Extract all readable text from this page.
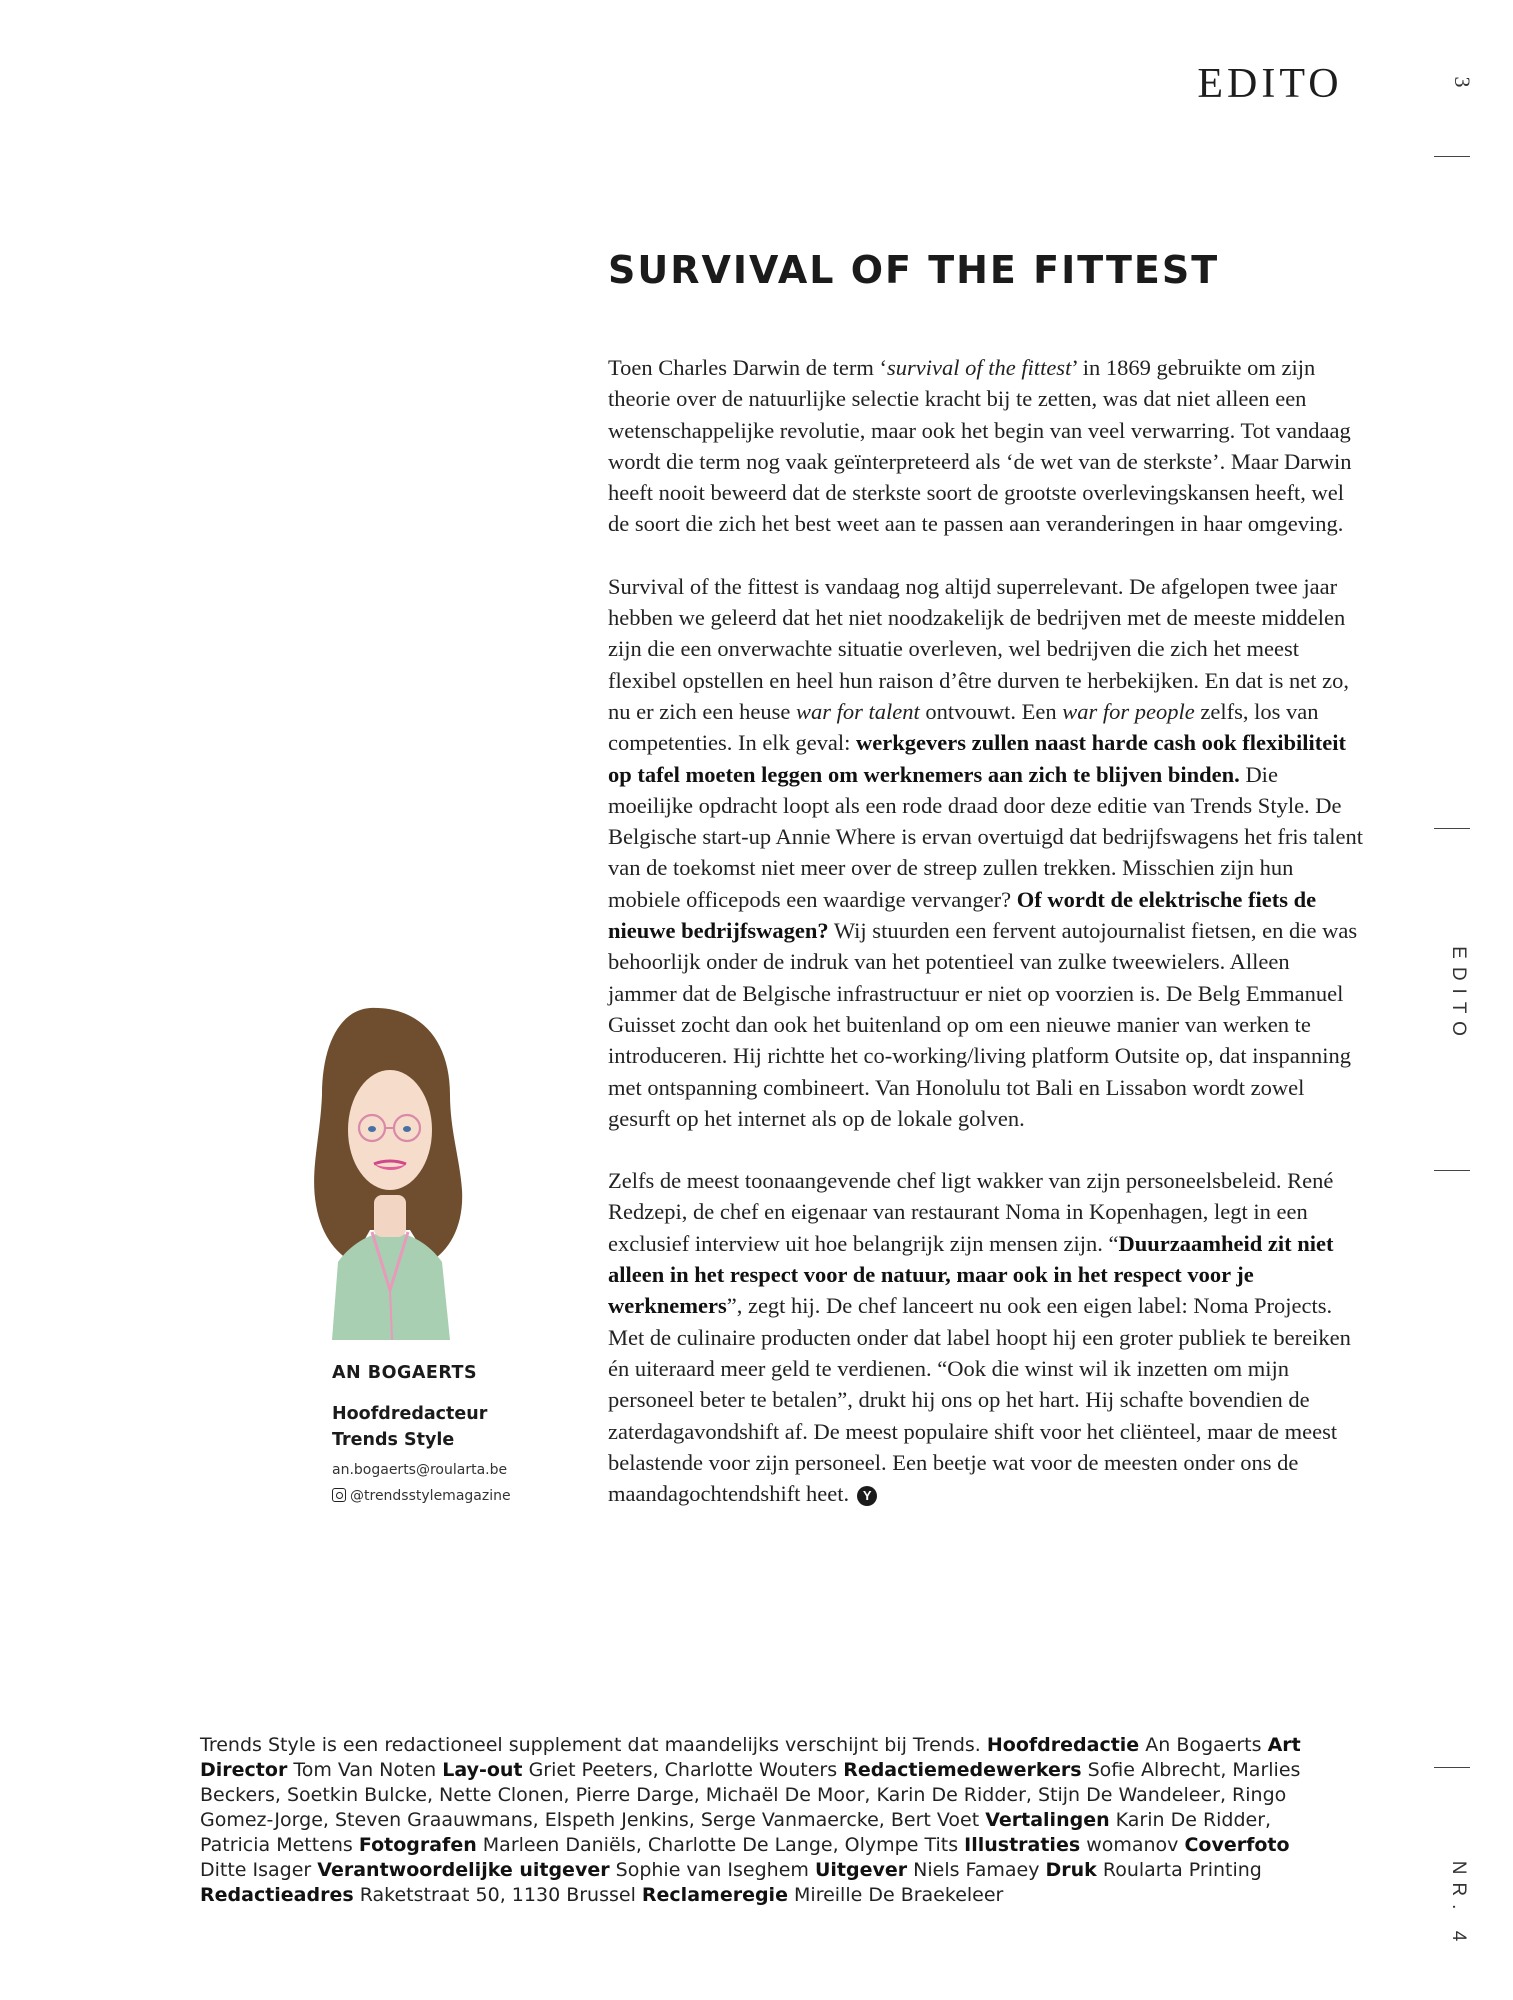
EDITO	3
EDITO
NR. 4
SURVIVAL OF THE FITTEST

Toen Charles Darwin de term ‘survival of the fittest’ in 1869 gebruikte om zijn theorie over de natuurlijke selectie kracht bij te zetten, was dat niet alleen een wetenschappelijke revolutie, maar ook het begin van veel verwarring. Tot vandaag wordt die term nog vaak geïnterpreteerd als ‘de wet van de sterkste’. Maar Darwin heeft nooit beweerd dat de sterkste soort de grootste overlevingskansen heeft, wel de soort die zich het best weet aan te passen aan veranderingen in haar omgeving.

Survival of the fittest is vandaag nog altijd superrelevant. De afgelopen twee jaar hebben we geleerd dat het niet noodzakelijk de bedrijven met de meeste middelen zijn die een onverwachte situatie overleven, wel bedrijven die zich het meest flexibel opstellen en heel hun raison d’être durven te herbekijken. En dat is net zo, nu er zich een heuse war for talent ontvouwt. Een war for people zelfs, los van competenties. In elk geval: werkgevers zullen naast harde cash ook flexibiliteit op tafel moeten leggen om werknemers aan zich te blijven binden. Die moeilijke opdracht loopt als een rode draad door deze editie van Trends Style. De Belgische start-up Annie Where is ervan overtuigd dat bedrijfswagens het fris talent van de toekomst niet meer over de streep zullen trekken. Misschien zijn hun mobiele officepods een waardige vervanger? Of wordt de elektrische fiets de nieuwe bedrijfswagen? Wij stuurden een fervent autojournalist fietsen, en die was behoorlijk onder de indruk van het potentieel van zulke tweewielers. Alleen jammer dat de Belgische infrastructuur er niet op voorzien is. De Belg Emmanuel Guisset zocht dan ook het buitenland op om een nieuwe manier van werken te introduceren. Hij richtte het co-working/living platform Outsite op, dat inspanning met ontspanning combineert. Van Honolulu tot Bali en Lissabon wordt zowel gesurft op het internet als op de lokale golven.

Zelfs de meest toonaangevende chef ligt wakker van zijn personeelsbeleid. René Redzepi, de chef en eigenaar van restaurant Noma in Kopenhagen, legt in een exclusief interview uit hoe belangrijk zijn mensen zijn. “Duurzaamheid zit niet alleen in het respect voor de natuur, maar ook in het respect voor je werknemers”, zegt hij. De chef lanceert nu ook een eigen label: Noma Projects. Met de culinaire producten onder dat label hoopt hij een groter publiek te bereiken én uiteraard meer geld te verdienen. “Ook die winst wil ik inzetten om mijn personeel beter te betalen”, drukt hij ons op het hart. Hij schafte bovendien de zaterdagavondshift af. De meest populaire shift voor het cliënteel, maar de meest belastende voor zijn personeel. Een beetje wat voor de meesten onder ons de maandagochtendshift heet. Y

AN BOGAERTS
Hoofdredacteur
Trends Style
an.bogaerts@roularta.be
@trendsstylemagazine
Trends Style is een redactioneel supplement dat maandelijks verschijnt bij Trends. Hoofdredactie An Bogaerts Art Director Tom Van Noten Lay-out Griet Peeters, Charlotte Wouters Redactiemedewerkers Sofie Albrecht, Marlies Beckers, Soetkin Bulcke, Nette Clonen, Pierre Darge, Michaël De Moor, Karin De Ridder, Stijn De Wandeleer, Ringo Gomez-Jorge, Steven Graauwmans, Elspeth Jenkins, Serge Vanmaercke, Bert Voet Vertalingen Karin De Ridder, Patricia Mettens Fotografen Marleen Daniëls, Charlotte De Lange, Olympe Tits Illustraties womanov Coverfoto Ditte Isager Verantwoordelijke uitgever Sophie van Iseghem Uitgever Niels Famaey Druk Roularta Printing Redactieadres Raketstraat 50, 1130 Brussel Reclameregie Mireille De Braekeleer
